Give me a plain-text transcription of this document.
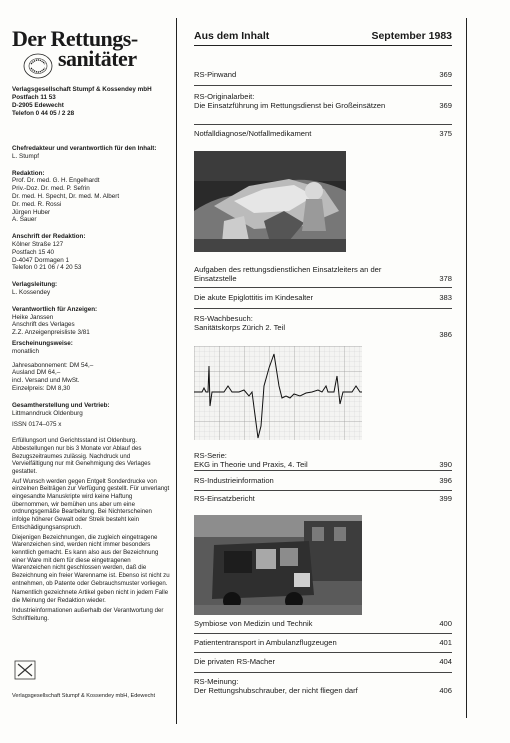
Der Rettungs-
sanitäter
Verlagsgesellschaft Stumpf & Kossendey mbH
Postfach 11 53
D-2905 Edewecht
Telefon 0 44 05 / 2 28
Chefredakteur und verantwortlich für den Inhalt:
L. Stumpf
Redaktion:
Prof. Dr. med. G. H. Engelhardt
Priv.-Doz. Dr. med. P. Sefrin
Dr. med. H. Specht, Dr. med. M. Albert
Dr. med. R. Rossi
Jürgen Huber
A. Sauer
Anschrift der Redaktion:
Kölner Straße 127
Postfach 15 40
D-4047 Dormagen 1
Telefon 0 21 06 / 4 20 53
Verlagsleitung:
L. Kossendey
Verantwortlich für Anzeigen:
Heike Janssen
Anschrift des Verlages
Z.Z. Anzeigenpreisliste 3/81
Erscheinungsweise:
monatlich
Jahresabonnement: DM 54,–
Ausland DM 64,–
incl. Versand und MwSt.
Einzelpreis: DM 8,30
Gesamtherstellung und Vertrieb:
Littmanndruck Oldenburg
ISSN 0174–075 x

Erfüllungsort und Gerichtsstand ist Oldenburg. Abbestellungen nur bis 3 Monate vor Ablauf des Bezugszeitraumes zulässig. Nachdruck und Vervielfältigung nur mit Genehmigung des Verlages gestattet.

Auf Wunsch werden gegen Entgelt Sonderdrucke von einzelnen Beiträgen zur Verfügung gestellt. Für unverlangt eingesandte Manuskripte wird keine Haftung übernommen, wir bemühen uns aber um eine ordnungsgemäße Bearbeitung. Bei Nichterscheinen infolge höherer Gewalt oder Streik besteht kein Entschädigungsanspruch.

Diejenigen Bezeichnungen, die zugleich eingetragene Warenzeichen sind, werden nicht immer besonders kenntlich gemacht. Es kann also aus der Bezeichnung einer Ware mit dem für diese eingetragenen Warenzeichen nicht geschlossen werden, daß die Bezeichnung ein freier Warenname ist. Ebenso ist nicht zu entnehmen, ob Patente oder Gebrauchsmuster vorliegen.

Namentlich gezeichnete Artikel geben nicht in jedem Falle die Meinung der Redaktion wieder.

Industrieinformationen außerhalb der Verantwortung der Schriftleitung.

Verlagsgesellschaft Stumpf & Kossendey mbH, Edewecht
Aus dem Inhalt	September 1983
RS-Pinwand	369
RS-Originalarbeit:
Die Einsatzführung im Rettungsdienst bei Großeinsätzen	369
Notfalldiagnose/Notfallmedikament	375
Aufgaben des rettungsdienstlichen Einsatzleiters an der Einsatzstelle	378
Die akute Epiglottitis im Kindesalter	383
RS-Wachbesuch:
Sanitätskorps Zürich 2. Teil
386
RS-Serie:
EKG in Theorie und Praxis, 4. Teil	390
RS-Industrieinformation	396
RS-Einsatzbericht	399
Symbiose von Medizin und Technik	400
Patiententransport in Ambulanzflugzeugen	401
Die privaten RS-Macher	404
RS-Meinung:
Der Rettungshubschrauber, der nicht fliegen darf	406
